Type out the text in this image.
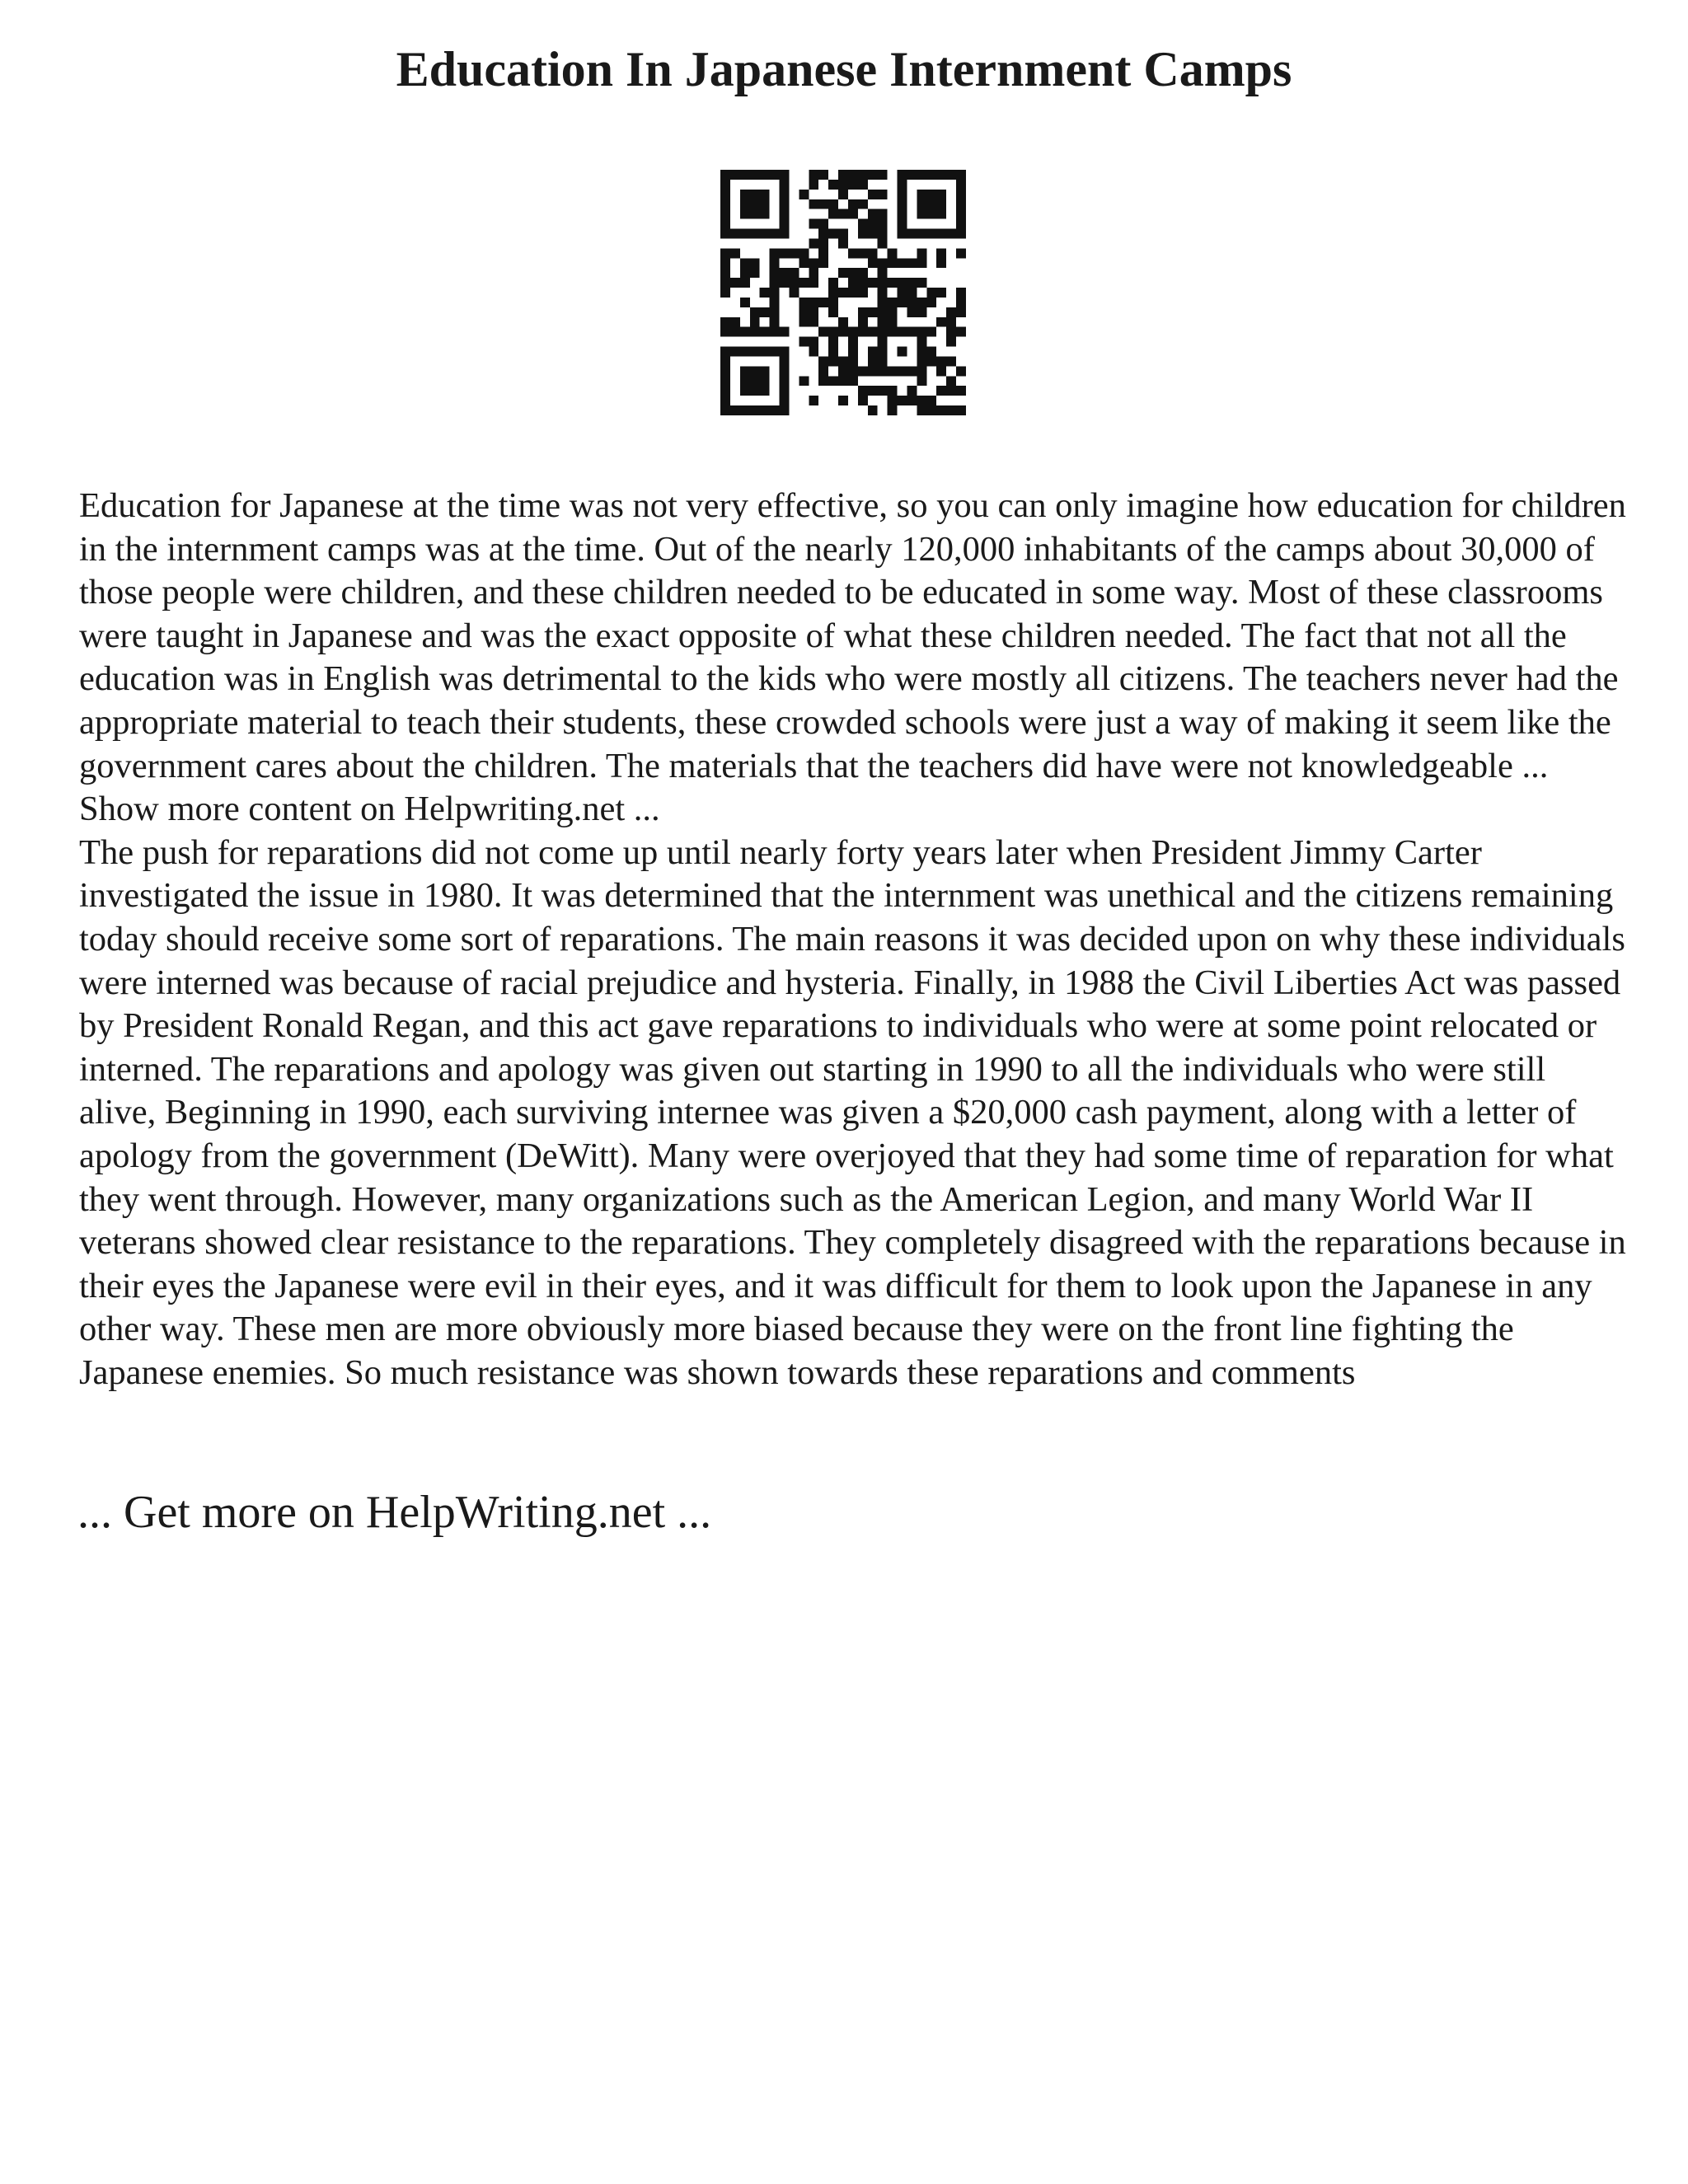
Education In Japanese Internment Camps

Education for Japanese at the time was not very effective, so you can only imagine how education for children in the internment camps was at the time. Out of the nearly 120,000 inhabitants of the camps about 30,000 of those people were children, and these children needed to be educated in some way. Most of these classrooms were taught in Japanese and was the exact opposite of what these children needed. The fact that not all the education was in English was detrimental to the kids who were mostly all citizens. The teachers never had the appropriate material to teach their students, these crowded schools were just a way of making it seem like the government cares about the children. The materials that the teachers did have were not knowledgeable ... Show more content on Helpwriting.net ...

The push for reparations did not come up until nearly forty years later when President Jimmy Carter investigated the issue in 1980. It was determined that the internment was unethical and the citizens remaining today should receive some sort of reparations. The main reasons it was decided upon on why these individuals were interned was because of racial prejudice and hysteria. Finally, in 1988 the Civil Liberties Act was passed by President Ronald Regan, and this act gave reparations to individuals who were at some point relocated or interned. The reparations and apology was given out starting in 1990 to all the individuals who were still alive, Beginning in 1990, each surviving internee was given a $20,000 cash payment, along with a letter of apology from the government (DeWitt). Many were overjoyed that they had some time of reparation for what they went through. However, many organizations such as the American Legion, and many World War II veterans showed clear resistance to the reparations. They completely disagreed with the reparations because in their eyes the Japanese were evil in their eyes, and it was difficult for them to look upon the Japanese in any other way. These men are more obviously more biased because they were on the front line fighting the Japanese enemies. So much resistance was shown towards these reparations and comments

... Get more on HelpWriting.net ...
